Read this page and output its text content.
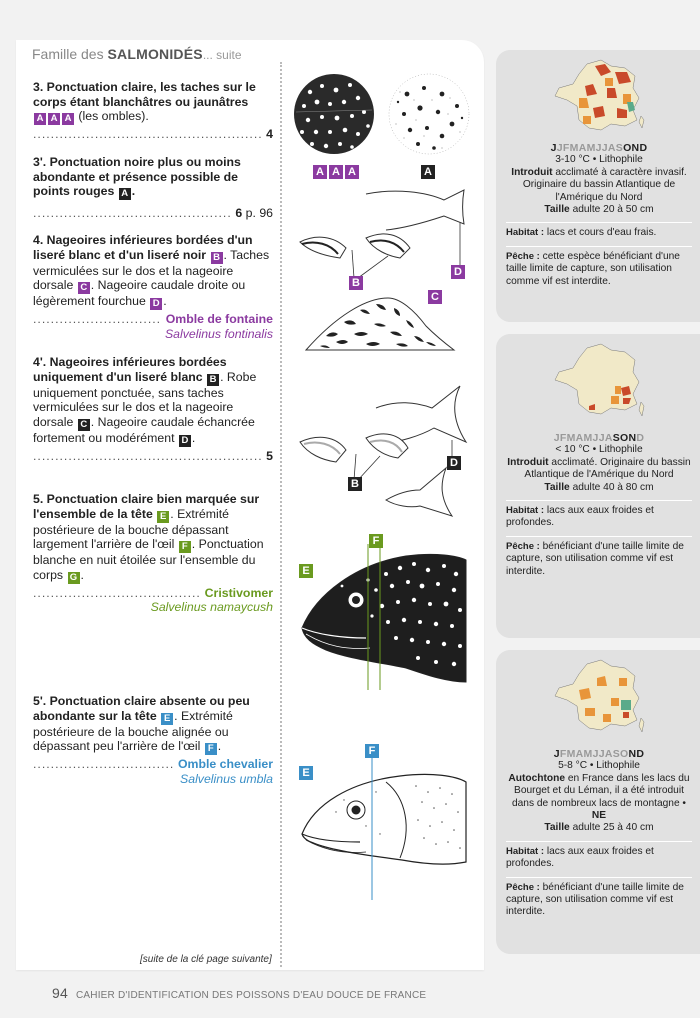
Famille des SALMONIDÉS... suite
3. Ponctuation claire, les taches sur le corps étant blanchâtres ou jaunâtres
A A A (les ombles).
.....
4
3'. Ponctuation noire plus ou moins abondante et présence possible de points rouges A .
.....
6
p. 96
4. Nageoires inférieures bordées d'un liseré blanc et d'un liseré noir B . Taches vermiculées sur le dos et la nageoire dorsale C . Nageoire caudale droite ou légèrement fourchue D .
.....
Omble de fontaine
Salvelinus fontinalis
4'. Nageoires inférieures bordées uniquement d'un liseré blanc B . Robe uniquement ponctuée, sans taches vermiculées sur le dos et la nageoire dorsale C . Nageoire caudale échancrée fortement ou modérément D .
.....
5
5. Ponctuation claire bien marquée sur l'ensemble de la tête E . Extrémité postérieure de la bouche dépassant largement l'arrière de l'œil F . Ponctuation blanche en nuit étoilée sur l'ensemble du corps G .
.....
Cristivomer
Salvelinus namaycush
5'. Ponctuation claire absente ou peu abondante sur la tête E . Extrémité postérieure de la bouche alignée ou dépassant peu l'arrière de l'œil F .
.....
Omble chevalier
Salvelinus umbla
A A A	A
B
D
C
B
D
E
F
E
F
JJFMAMJJASOND
3-10 °C • Lithophile
Introduit acclimaté à caractère invasif. Originaire du bassin Atlantique de l'Amérique du Nord
Taille adulte 20 à 50 cm
Habitat : lacs et cours d'eau frais.
Pêche : cette espèce bénéficiant d'une taille limite de capture, son utilisation comme vif est interdite.
JFMAMJJASOND
< 10 °C • Lithophile
Introduit acclimaté. Originaire du bassin Atlantique de l'Amérique du Nord
Taille adulte 40 à 80 cm
Habitat : lacs aux eaux froides et profondes.
Pêche : bénéficiant d'une taille limite de capture, son utilisation comme vif est interdite.
JFMAMJJASOND
5-8 °C • Lithophile
Autochtone en France dans les lacs du Bourget et du Léman, il a été introduit dans de nombreux lacs de montagne • NE
Taille adulte 25 à 40 cm
Habitat : lacs aux eaux froides et profondes.
Pêche : bénéficiant d'une taille limite de capture, son utilisation comme vif est interdite.
[suite de la clé page suivante]
94 CAHIER D'IDENTIFICATION DES POISSONS D'EAU DOUCE DE FRANCE
